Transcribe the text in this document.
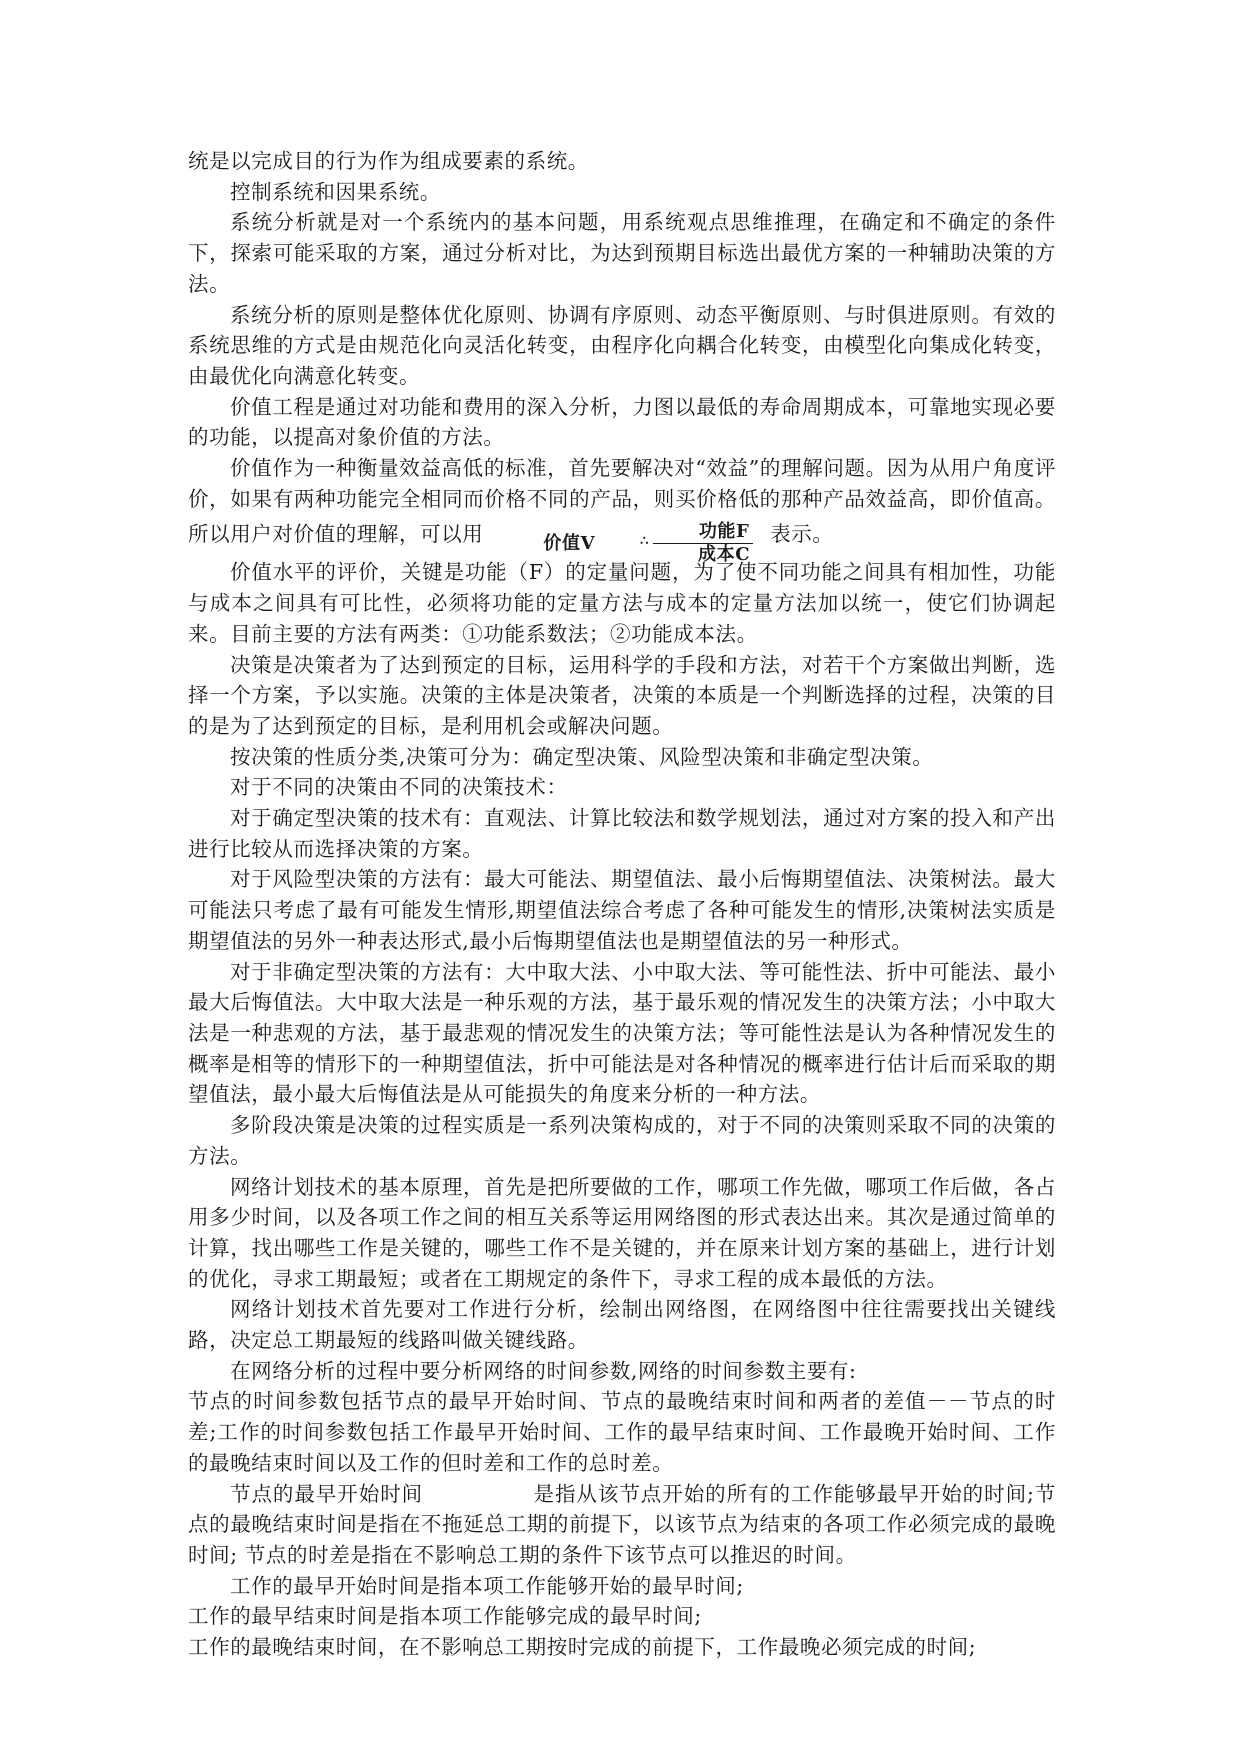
统是以完成目的行为作为组成要素的系统。

控制系统和因果系统。

系统分析就是对一个系统内的基本问题，用系统观点思维推理，在确定和不确定的条件下，探索可能采取的方案，通过分析对比，为达到预期目标选出最优方案的一种辅助决策的方法。

系统分析的原则是整体优化原则、协调有序原则、动态平衡原则、与时俱进原则。有效的系统思维的方式是由规范化向灵活化转变，由程序化向耦合化转变，由模型化向集成化转变，由最优化向满意化转变。

价值工程是通过对功能和费用的深入分析，力图以最低的寿命周期成本，可靠地实现必要的功能，以提高对象价值的方法。

价值作为一种衡量效益高低的标准，首先要解决对“效益”的理解问题。因为从用户角度评价，如果有两种功能完全相同而价格不同的产品，则买价格低的那种产品效益高，即价值高。所以用户对价值的理解，可以用	价值V	∴ $\frac{\text{功能F}}{\text{成本C}}$ 表示。

价值水平的评价，关键是功能（F）的定量问题，为了使不同功能之间具有相加性，功能与成本之间具有可比性，必须将功能的定量方法与成本的定量方法加以统一，使它们协调起来。目前主要的方法有两类：①功能系数法；②功能成本法。

决策是决策者为了达到预定的目标，运用科学的手段和方法，对若干个方案做出判断，选择一个方案，予以实施。决策的主体是决策者，决策的本质是一个判断选择的过程，决策的目的是为了达到预定的目标，是利用机会或解决问题。

按决策的性质分类,决策可分为：确定型决策、风险型决策和非确定型决策。

对于不同的决策由不同的决策技术：

对于确定型决策的技术有：直观法、计算比较法和数学规划法，通过对方案的投入和产出进行比较从而选择决策的方案。

对于风险型决策的方法有：最大可能法、期望值法、最小后悔期望值法、决策树法。最大可能法只考虑了最有可能发生情形,期望值法综合考虑了各种可能发生的情形,决策树法实质是期望值法的另外一种表达形式,最小后悔期望值法也是期望值法的另一种形式。

对于非确定型决策的方法有：大中取大法、小中取大法、等可能性法、折中可能法、最小最大后悔值法。大中取大法是一种乐观的方法，基于最乐观的情况发生的决策方法；小中取大法是一种悲观的方法，基于最悲观的情况发生的决策方法；等可能性法是认为各种情况发生的概率是相等的情形下的一种期望值法，折中可能法是对各种情况的概率进行估计后而采取的期望值法，最小最大后悔值法是从可能损失的角度来分析的一种方法。

多阶段决策是决策的过程实质是一系列决策构成的，对于不同的决策则采取不同的决策的方法。

网络计划技术的基本原理，首先是把所要做的工作，哪项工作先做，哪项工作后做，各占用多少时间，以及各项工作之间的相互关系等运用网络图的形式表达出来。其次是通过简单的计算，找出哪些工作是关键的，哪些工作不是关键的，并在原来计划方案的基础上，进行计划的优化，寻求工期最短；或者在工期规定的条件下，寻求工程的成本最低的方法。

网络计划技术首先要对工作进行分析，绘制出网络图，在网络图中往往需要找出关键线路，决定总工期最短的线路叫做关键线路。

在网络分析的过程中要分析网络的时间参数,网络的时间参数主要有:

节点的时间参数包括节点的最早开始时间、节点的最晚结束时间和两者的差值－－节点的时差;工作的时间参数包括工作最早开始时间、工作的最早结束时间、工作最晚开始时间、工作的最晚结束时间以及工作的但时差和工作的总时差。

节点的最早开始时间	是指从该节点开始的所有的工作能够最早开始的时间;节点的最晚结束时间是指在不拖延总工期的前提下，以该节点为结束的各项工作必须完成的最晚时间; 节点的时差是指在不影响总工期的条件下该节点可以推迟的时间。

工作的最早开始时间是指本项工作能够开始的最早时间;

工作的最早结束时间是指本项工作能够完成的最早时间;

工作的最晚结束时间，在不影响总工期按时完成的前提下，工作最晚必须完成的时间;
